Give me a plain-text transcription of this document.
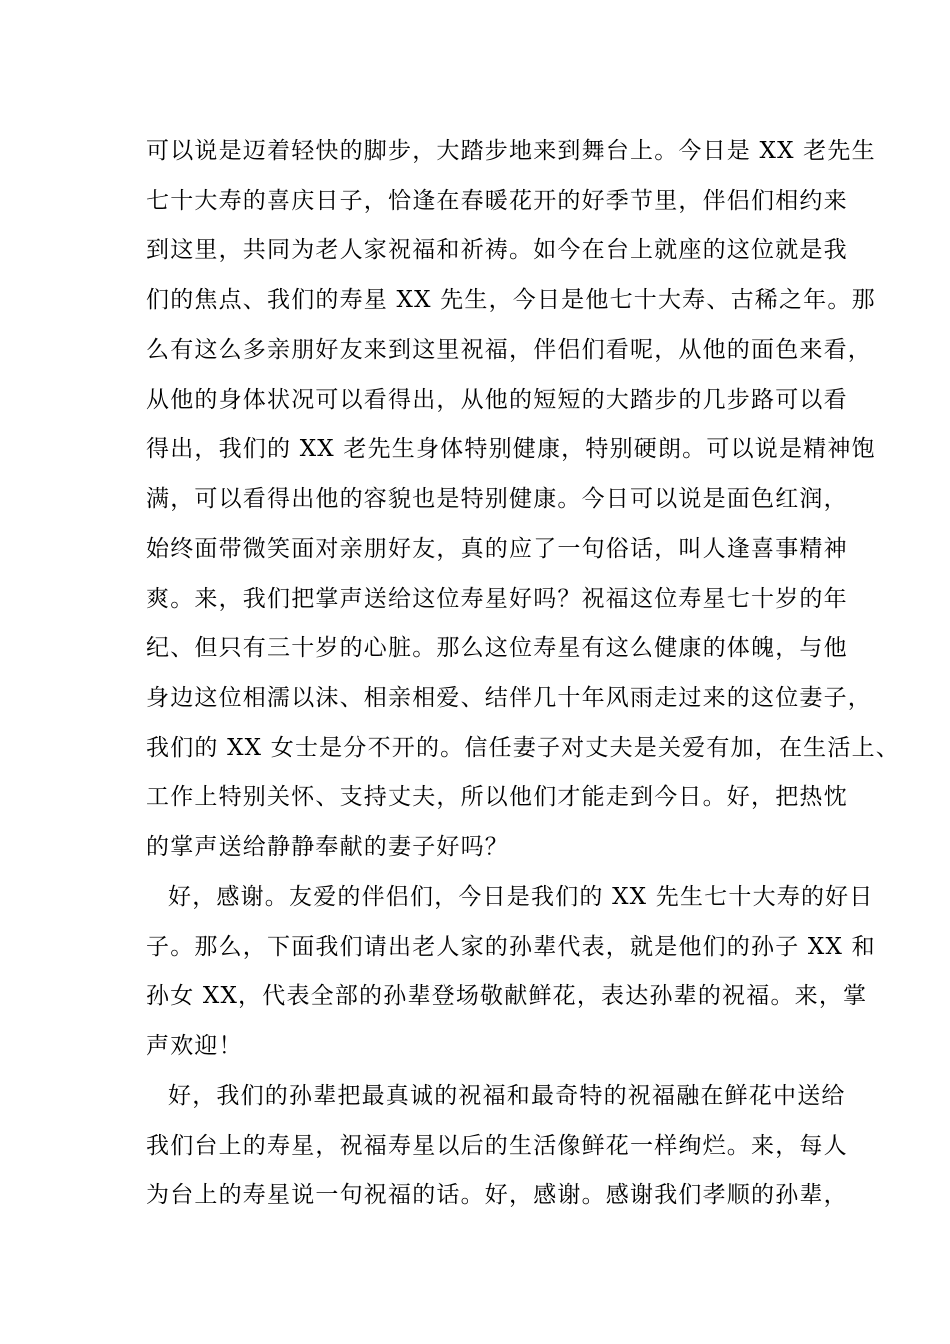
可以说是迈着轻快的脚步，大踏步地来到舞台上。今日是 XX 老先生
七十大寿的喜庆日子，恰逢在春暖花开的好季节里，伴侣们相约来
到这里，共同为老人家祝福和祈祷。如今在台上就座的这位就是我
们的焦点、我们的寿星 XX 先生，今日是他七十大寿、古稀之年。那
么有这么多亲朋好友来到这里祝福，伴侣们看呢，从他的面色来看，
从他的身体状况可以看得出，从他的短短的大踏步的几步路可以看
得出，我们的 XX 老先生身体特别健康，特别硬朗。可以说是精神饱
满，可以看得出他的容貌也是特别健康。今日可以说是面色红润，
始终面带微笑面对亲朋好友，真的应了一句俗话，叫人逢喜事精神
爽。来，我们把掌声送给这位寿星好吗？祝福这位寿星七十岁的年
纪、但只有三十岁的心脏。那么这位寿星有这么健康的体魄，与他
身边这位相濡以沫、相亲相爱、结伴几十年风雨走过来的这位妻子，
我们的 XX 女士是分不开的。信任妻子对丈夫是关爱有加，在生活上、
工作上特别关怀、支持丈夫，所以他们才能走到今日。好，把热忱
的掌声送给静静奉献的妻子好吗？
好，感谢。友爱的伴侣们，今日是我们的 XX 先生七十大寿的好日
子。那么，下面我们请出老人家的孙辈代表，就是他们的孙子 XX 和
孙女 XX，代表全部的孙辈登场敬献鲜花，表达孙辈的祝福。来，掌
声欢迎！
好，我们的孙辈把最真诚的祝福和最奇特的祝福融在鲜花中送给
我们台上的寿星，祝福寿星以后的生活像鲜花一样绚烂。来，每人
为台上的寿星说一句祝福的话。好，感谢。感谢我们孝顺的孙辈，
